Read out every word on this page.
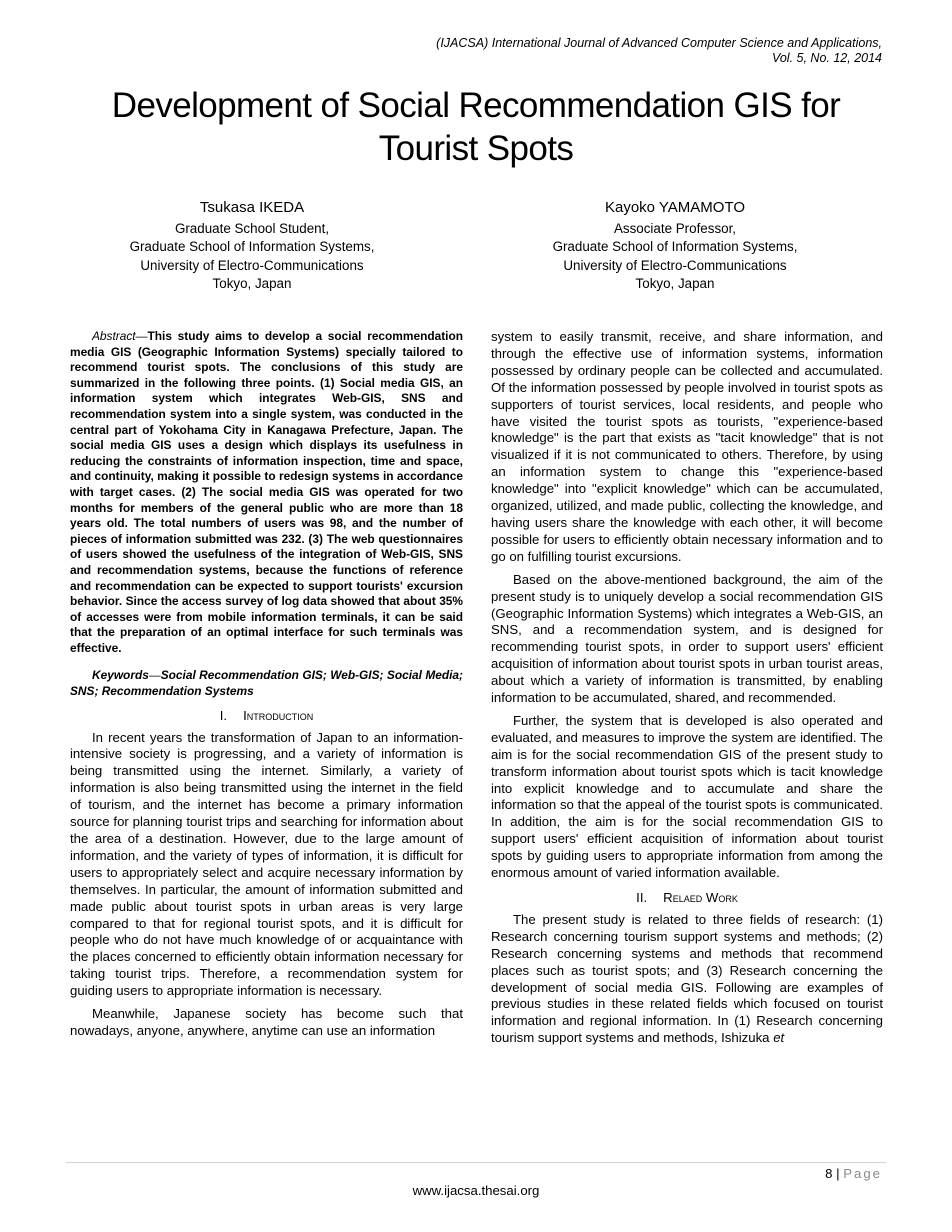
(IJACSA) International Journal of Advanced Computer Science and Applications,
Vol. 5, No. 12, 2014
Development of Social Recommendation GIS for
Tourist Spots
Tsukasa IKEDA
Graduate School Student,
Graduate School of Information Systems,
University of Electro-Communications
Tokyo, Japan
Kayoko YAMAMOTO
Associate Professor,
Graduate School of Information Systems,
University of Electro-Communications
Tokyo, Japan

Abstract—This study aims to develop a social recommendation media GIS (Geographic Information Systems) specially tailored to recommend tourist spots. The conclusions of this study are summarized in the following three points. (1) Social media GIS, an information system which integrates Web-GIS, SNS and recommendation system into a single system, was conducted in the central part of Yokohama City in Kanagawa Prefecture, Japan. The social media GIS uses a design which displays its usefulness in reducing the constraints of information inspection, time and space, and continuity, making it possible to redesign systems in accordance with target cases. (2) The social media GIS was operated for two months for members of the general public who are more than 18 years old. The total numbers of users was 98, and the number of pieces of information submitted was 232. (3) The web questionnaires of users showed the usefulness of the integration of Web-GIS, SNS and recommendation systems, because the functions of reference and recommendation can be expected to support tourists' excursion behavior. Since the access survey of log data showed that about 35% of accesses were from mobile information terminals, it can be said that the preparation of an optimal interface for such terminals was effective.

Keywords—Social Recommendation GIS; Web-GIS; Social Media; SNS; Recommendation Systems

I. Introduction

In recent years the transformation of Japan to an information-intensive society is progressing, and a variety of information is being transmitted using the internet. Similarly, a variety of information is also being transmitted using the internet in the field of tourism, and the internet has become a primary information source for planning tourist trips and searching for information about the area of a destination. However, due to the large amount of information, and the variety of types of information, it is difficult for users to appropriately select and acquire necessary information by themselves. In particular, the amount of information submitted and made public about tourist spots in urban areas is very large compared to that for regional tourist spots, and it is difficult for people who do not have much knowledge of or acquaintance with the places concerned to efficiently obtain information necessary for taking tourist trips. Therefore, a recommendation system for guiding users to appropriate information is necessary.

Meanwhile, Japanese society has become such that nowadays, anyone, anywhere, anytime can use an information

system to easily transmit, receive, and share information, and through the effective use of information systems, information possessed by ordinary people can be collected and accumulated. Of the information possessed by people involved in tourist spots as supporters of tourist services, local residents, and people who have visited the tourist spots as tourists, "experience-based knowledge" is the part that exists as "tacit knowledge" that is not visualized if it is not communicated to others. Therefore, by using an information system to change this "experience-based knowledge" into "explicit knowledge" which can be accumulated, organized, utilized, and made public, collecting the knowledge, and having users share the knowledge with each other, it will become possible for users to efficiently obtain necessary information and to go on fulfilling tourist excursions.

Based on the above-mentioned background, the aim of the present study is to uniquely develop a social recommendation GIS (Geographic Information Systems) which integrates a Web-GIS, an SNS, and a recommendation system, and is designed for recommending tourist spots, in order to support users' efficient acquisition of information about tourist spots in urban tourist areas, about which a variety of information is transmitted, by enabling information to be accumulated, shared, and recommended.

Further, the system that is developed is also operated and evaluated, and measures to improve the system are identified. The aim is for the social recommendation GIS of the present study to transform information about tourist spots which is tacit knowledge into explicit knowledge and to accumulate and share the information so that the appeal of the tourist spots is communicated. In addition, the aim is for the social recommendation GIS to support users' efficient acquisition of information about tourist spots by guiding users to appropriate information from among the enormous amount of varied information available.

II. Relaed Work

The present study is related to three fields of research: (1) Research concerning tourism support systems and methods; (2) Research concerning systems and methods that recommend places such as tourist spots; and (3) Research concerning the development of social media GIS. Following are examples of previous studies in these related fields which focused on tourist information and regional information. In (1) Research concerning tourism support systems and methods, Ishizuka et

8 | Page
www.ijacsa.thesai.org
